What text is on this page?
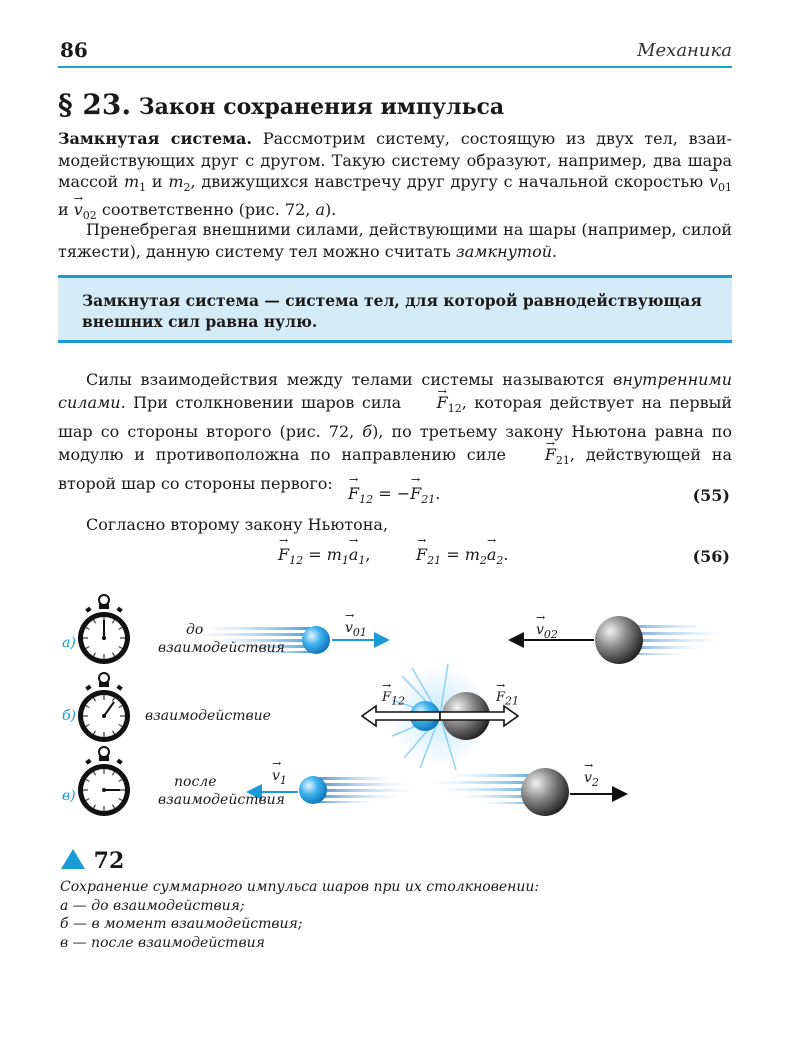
86	Механика
§ 23. Закон сохранения импульса

Замкнутая система. Рассмотрим систему, состоящую из двух тел, взаимодействующих друг с другом. Такую систему образуют, например, два шара массой $m_1$ и $m_2$, движущихся навстречу друг другу с начальной скоростью → $v_{01}$ $и \to v_{02}$ соответственно (рис. 72, а).

Пренебрегая внешними силами, действующими на шары (например, силой тяжести), данную систему тел можно считать замкнутой.
Замкнутая система — система тел, для которой равнодействующая внешних сил равна нулю.
Силы взаимодействия между телами системы называются внутренними силами. При столкновении шаров сила → $F_{12}$, которая действует на первый шар со стороны второго (рис. 72, б), по третьему закону Ньютона равна по модулю и противоположна по направлению силе → $F_{21}$, действующей на второй шар со стороны первого:
→ $F_{12}$ = −→ $F_{21}$.	(55)
Согласно второму закону Ньютона,
→ $F_{12} = m_1\to a_1$,	→ $F_{21} = m_2\to a_2$.	(56)
а)
до
взаимодействия
→ $v_{01}$	→ $v_{02}$
б)	взаимодействие
→ $F_{12}$	→ $F_{21}$
в)
после
взаимодействия
→ $v_1$	→ $v_2$
72
Сохранение суммарного импульса шаров при их столкновении:
а — до взаимодействия;
б — в момент взаимодействия;
в — после взаимодействия
